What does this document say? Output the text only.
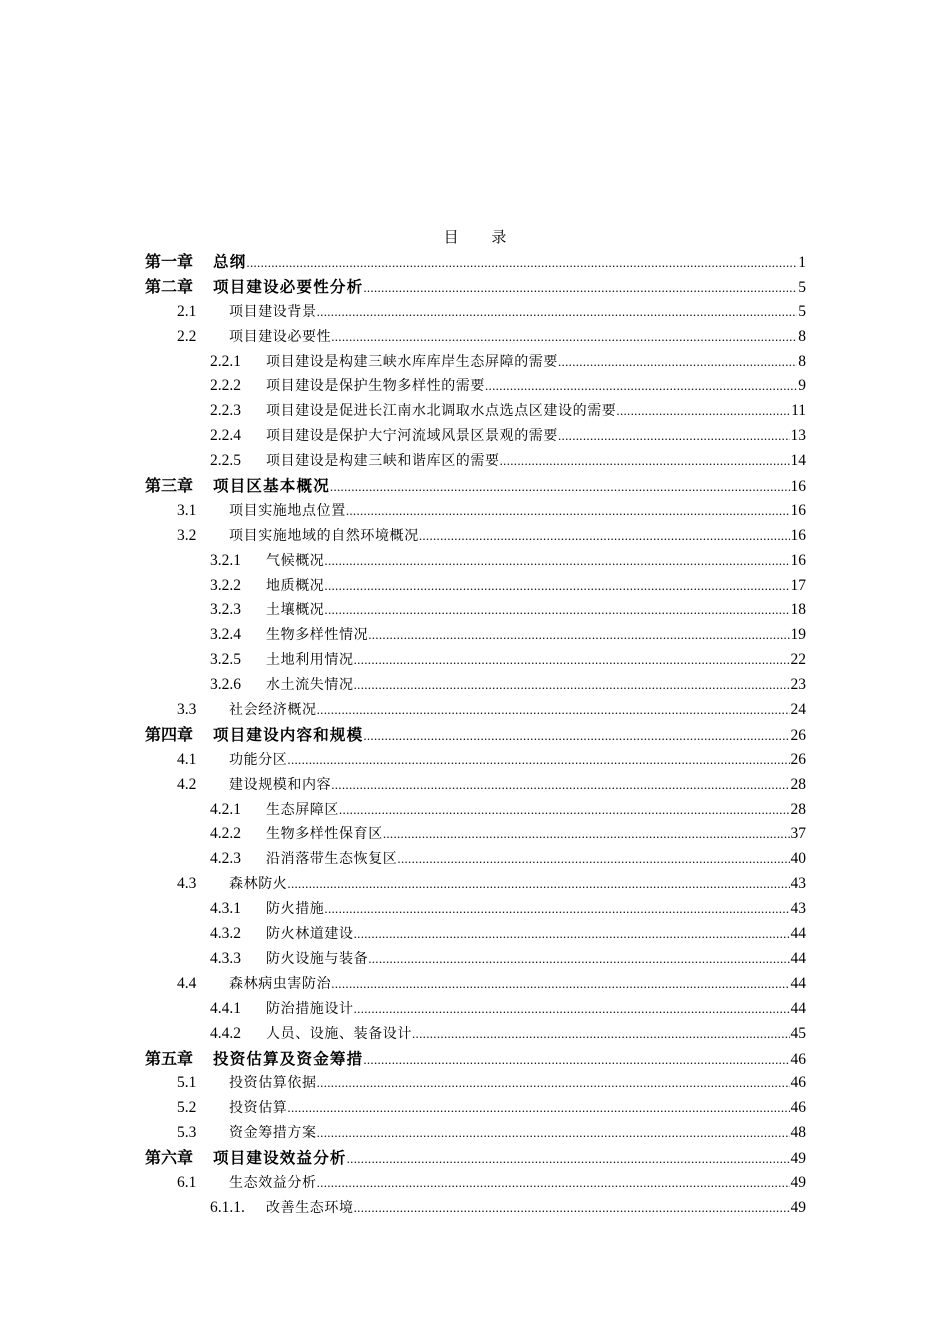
目 录
第一章	总纲 .....	1
第二章	项目建设必要性分析 .....	5
2.1	项目建设背景 .....	5
2.2	项目建设必要性 .....	8
2.2.1	项目建设是构建三峡水库库岸生态屏障的需要 .....	8
2.2.2	项目建设是保护生物多样性的需要 .....	9
2.2.3	项目建设是促进长江南水北调取水点选点区建设的需要 .....	11
2.2.4	项目建设是保护大宁河流域风景区景观的需要 .....	13
2.2.5	项目建设是构建三峡和谐库区的需要 .....	14
第三章	项目区基本概况 .....	16
3.1	项目实施地点位置 .....	16
3.2	项目实施地域的自然环境概况 .....	16
3.2.1	气候概况 .....	16
3.2.2	地质概况 .....	17
3.2.3	土壤概况 .....	18
3.2.4	生物多样性情况 .....	19
3.2.5	土地利用情况 .....	22
3.2.6	水土流失情况 .....	23
3.3	社会经济概况 .....	24
第四章	项目建设内容和规模 .....	26
4.1	功能分区 .....	26
4.2	建设规模和内容 .....	28
4.2.1	生态屏障区 .....	28
4.2.2	生物多样性保育区 .....	37
4.2.3	沿消落带生态恢复区 .....	40
4.3	森林防火 .....	43
4.3.1	防火措施 .....	43
4.3.2	防火林道建设 .....	44
4.3.3	防火设施与装备 .....	44
4.4	森林病虫害防治 .....	44
4.4.1	防治措施设计 .....	44
4.4.2	人员、设施、装备设计 .....	45
第五章	投资估算及资金筹措 .....	46
5.1	投资估算依据 .....	46
5.2	投资估算 .....	46
5.3	资金筹措方案 .....	48
第六章	项目建设效益分析 .....	49
6.1	生态效益分析 .....	49
6.1.1.	改善生态环境 .....	49
